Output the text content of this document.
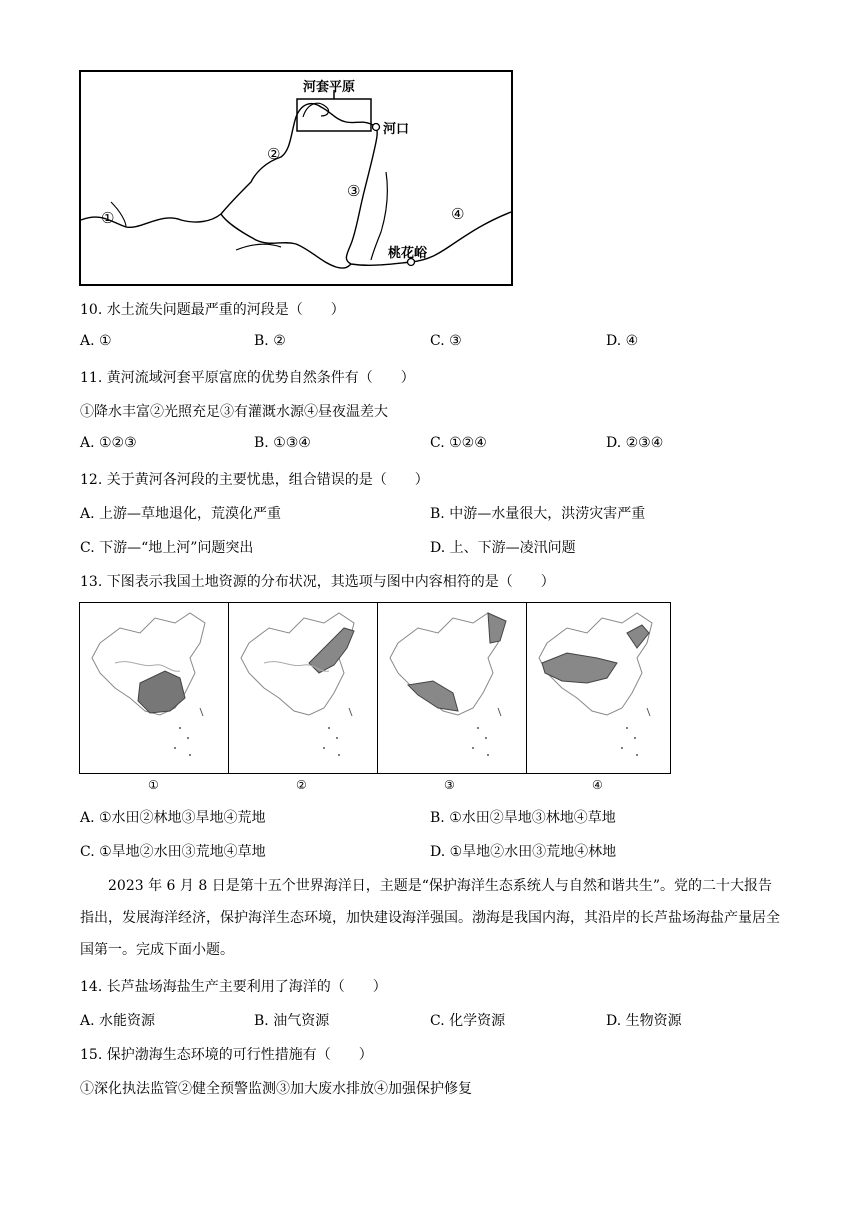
河套平原
河口
桃花峪
①
②
③
④
10. 水土流失问题最严重的河段是（　　）
A. ①	B. ②	C. ③	D. ④
11. 黄河流域河套平原富庶的优势自然条件有（　　）
①降水丰富②光照充足③有灌溉水源④昼夜温差大
A. ①②③	B. ①③④	C. ①②④	D. ②③④
12. 关于黄河各河段的主要忧患，组合错误的是（　　）
A. 上游—草地退化，荒漠化严重	B. 中游—水量很大，洪涝灾害严重
C. 下游—“地上河”问题突出	D. 上、下游—凌汛问题
13. 下图表示我国土地资源的分布状况，其选项与图中内容相符的是（　　）
①	②	③	④
A. ①水田②林地③旱地④荒地	B. ①水田②旱地③林地④草地
C. ①旱地②水田③荒地④草地	D. ①旱地②水田③荒地④林地
2023 年 6 月 8 日是第十五个世界海洋日，主题是“保护海洋生态系统人与自然和谐共生”。党的二十大报告指出，发展海洋经济，保护海洋生态环境，加快建设海洋强国。渤海是我国内海，其沿岸的长芦盐场海盐产量居全国第一。完成下面小题。
14. 长芦盐场海盐生产主要利用了海洋的（　　）
A. 水能资源	B. 油气资源	C. 化学资源	D. 生物资源
15. 保护渤海生态环境的可行性措施有（　　）
①深化执法监管②健全预警监测③加大废水排放④加强保护修复
